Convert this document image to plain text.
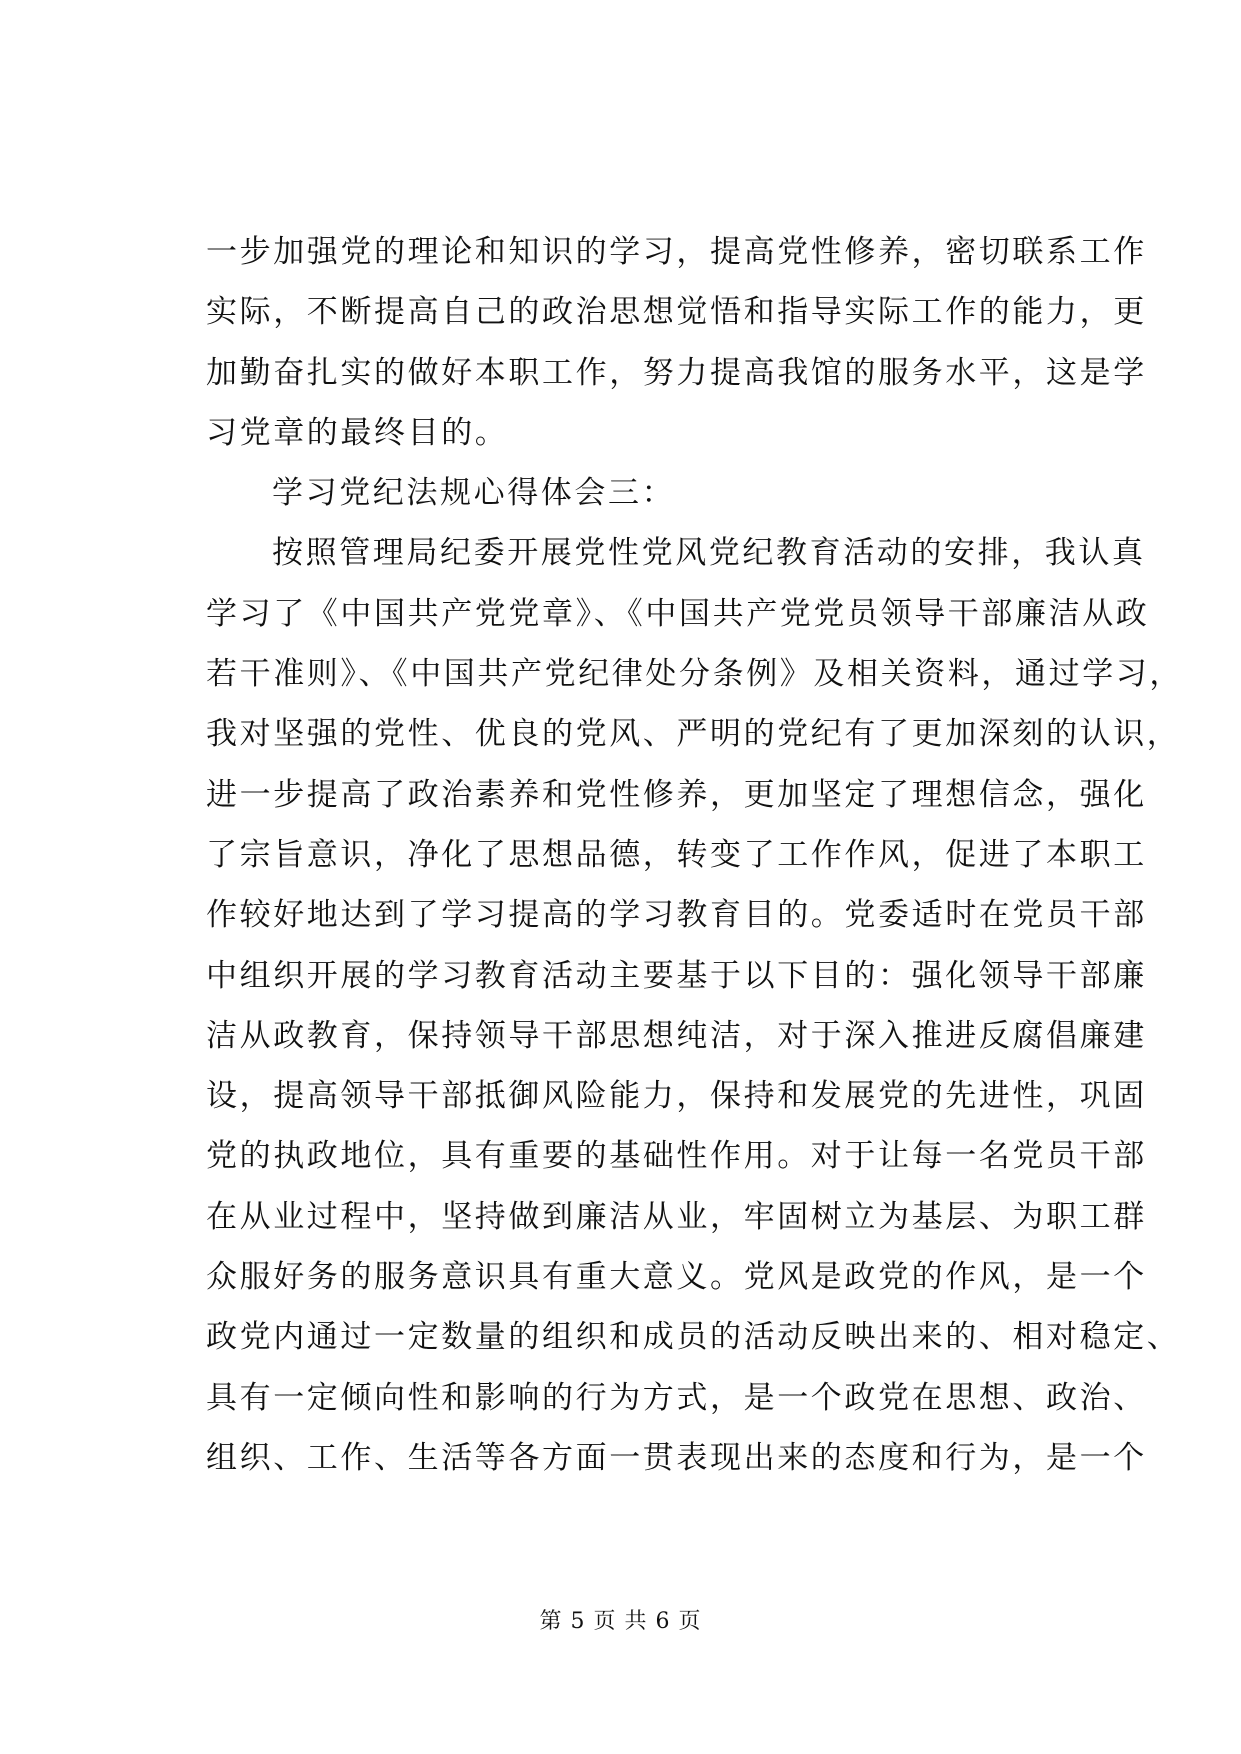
一步加强党的理论和知识的学习，提高党性修养，密切联系工作
实际，不断提高自己的政治思想觉悟和指导实际工作的能力，更
加勤奋扎实的做好本职工作，努力提高我馆的服务水平，这是学
习党章的最终目的。
学习党纪法规心得体会三：
按照管理局纪委开展党性党风党纪教育活动的安排，我认真
学习了《中国共产党党章》、《中国共产党党员领导干部廉洁从政
若干准则》、《中国共产党纪律处分条例》及相关资料，通过学习，
我对坚强的党性、优良的党风、严明的党纪有了更加深刻的认识，
进一步提高了政治素养和党性修养，更加坚定了理想信念，强化
了宗旨意识，净化了思想品德，转变了工作作风，促进了本职工
作较好地达到了学习提高的学习教育目的。党委适时在党员干部
中组织开展的学习教育活动主要基于以下目的：强化领导干部廉
洁从政教育，保持领导干部思想纯洁，对于深入推进反腐倡廉建
设，提高领导干部抵御风险能力，保持和发展党的先进性，巩固
党的执政地位，具有重要的基础性作用。对于让每一名党员干部
在从业过程中，坚持做到廉洁从业，牢固树立为基层、为职工群
众服好务的服务意识具有重大意义。党风是政党的作风，是一个
政党内通过一定数量的组织和成员的活动反映出来的、相对稳定、
具有一定倾向性和影响的行为方式，是一个政党在思想、政治、
组织、工作、生活等各方面一贯表现出来的态度和行为，是一个
第 5 页 共 6 页
